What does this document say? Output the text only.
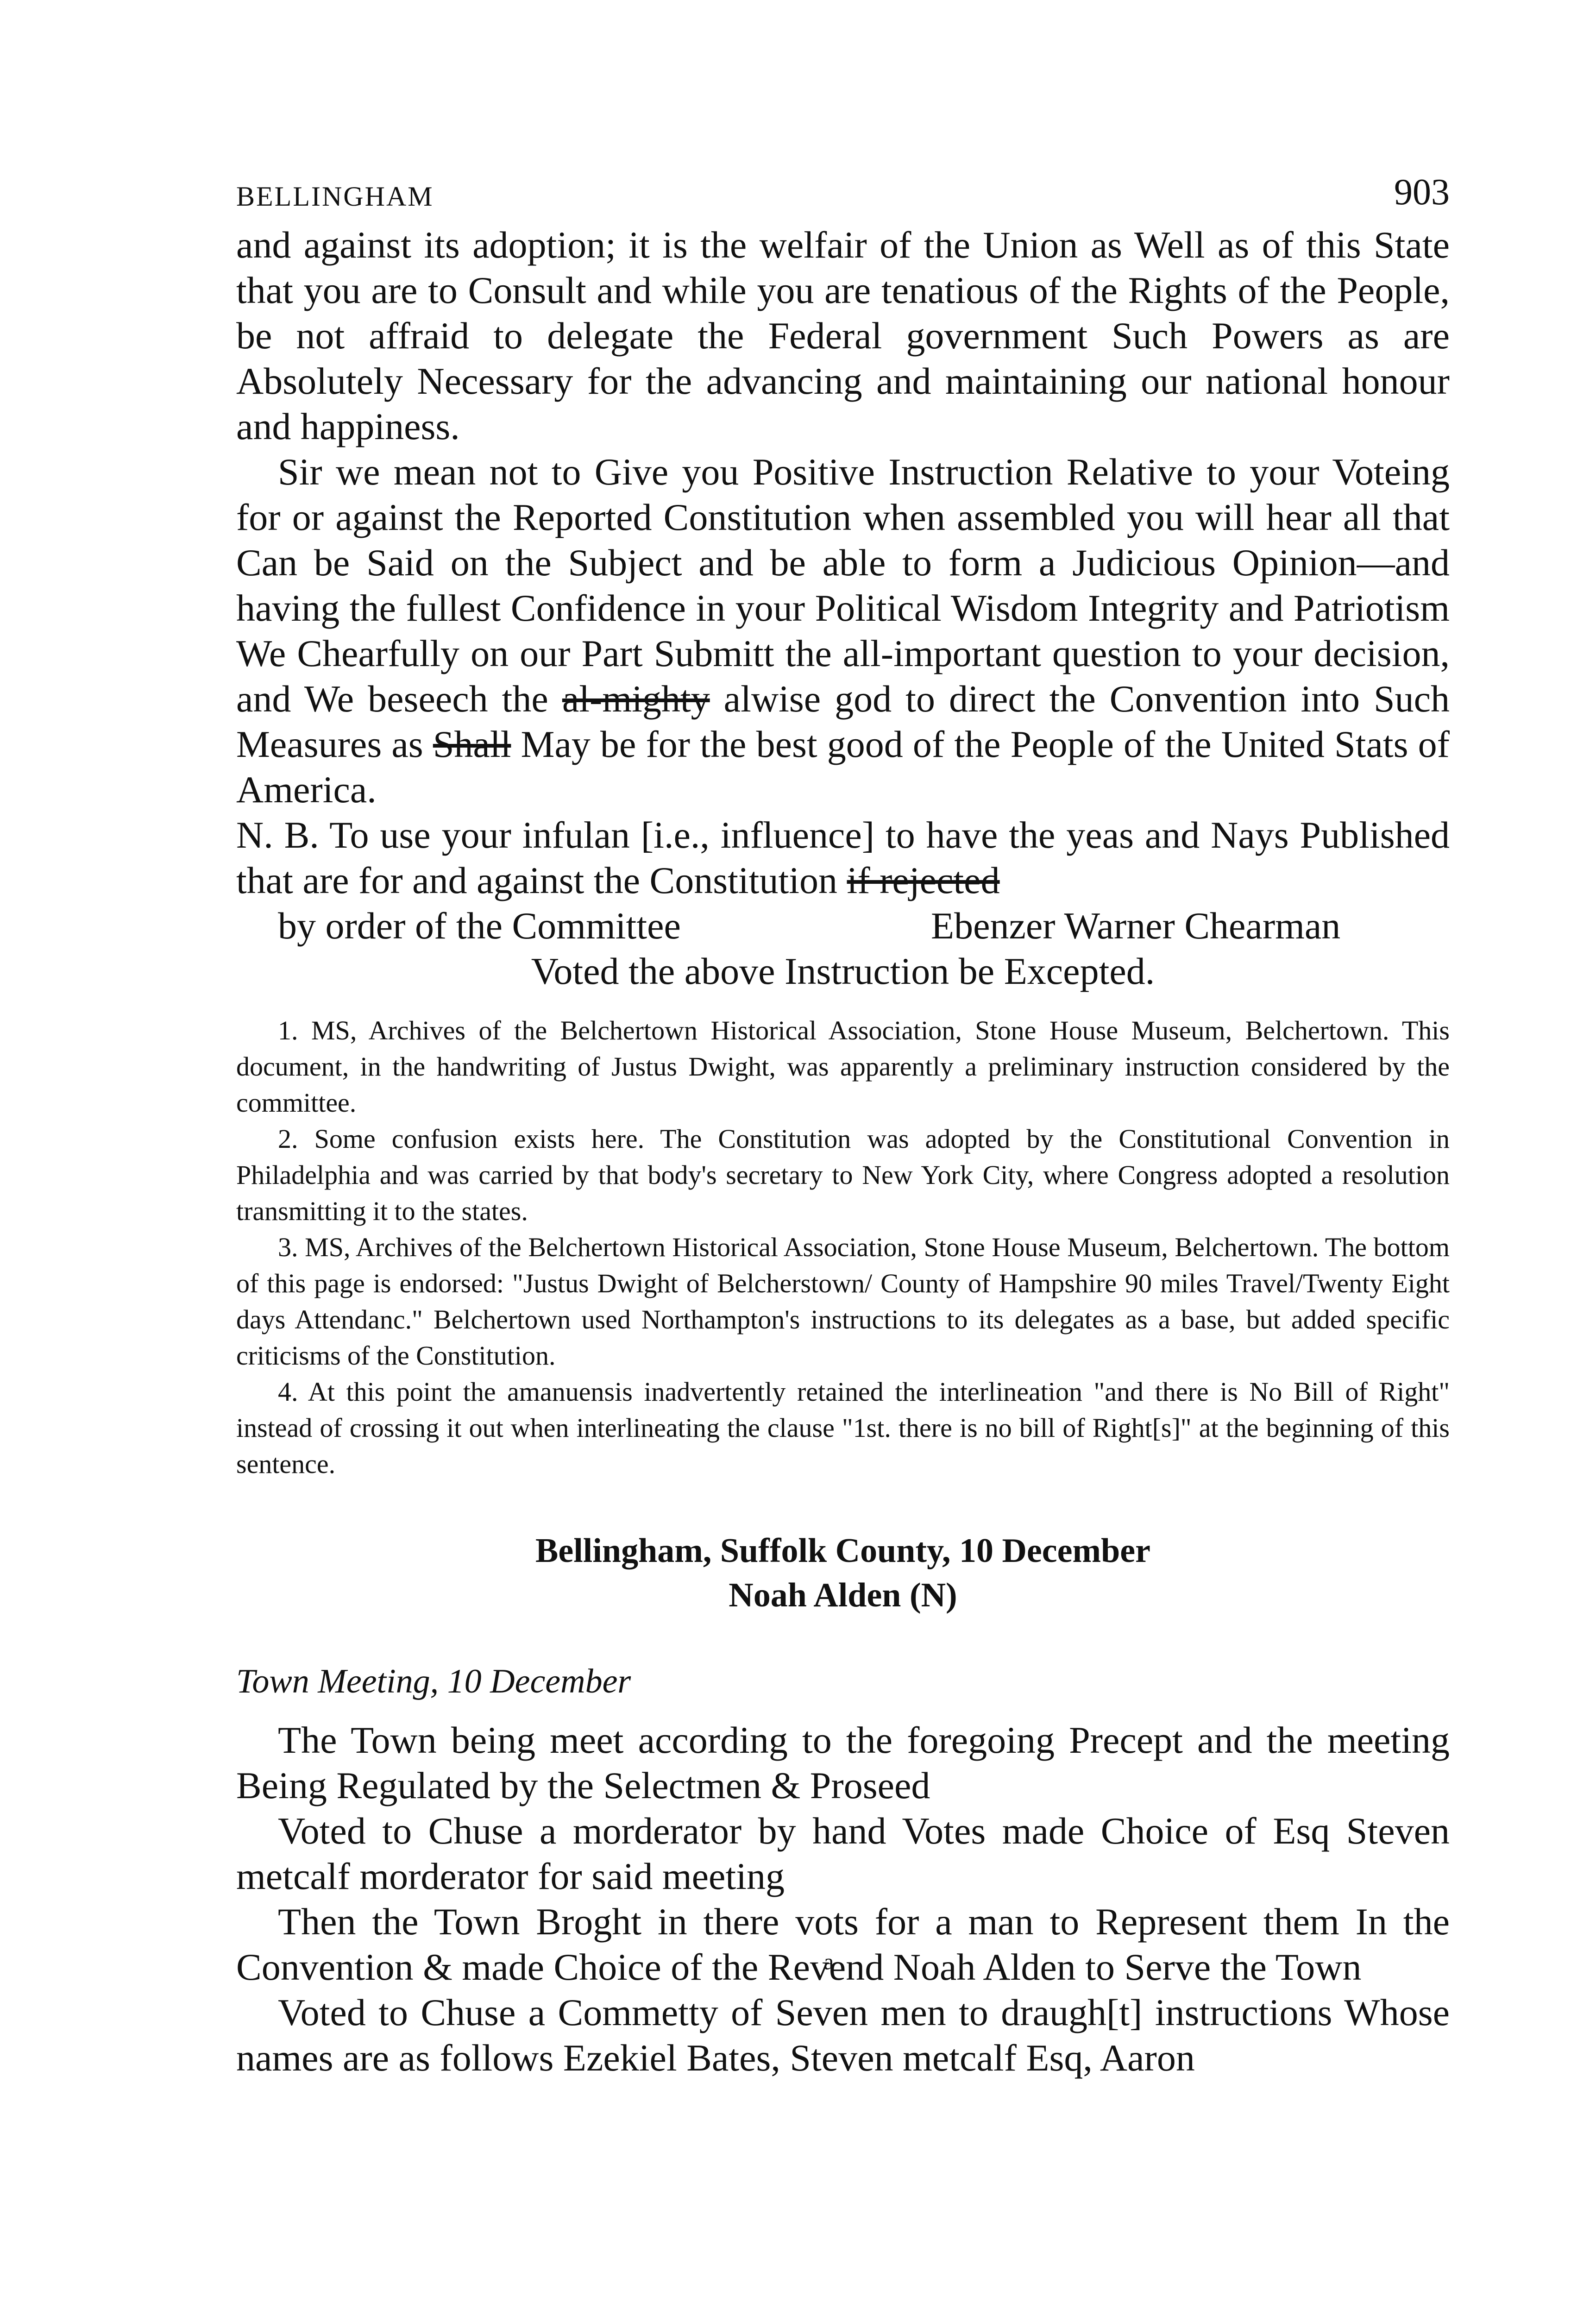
BELLINGHAM	903

and against its adoption; it is the welfair of the Union as Well as of this State that you are to Consult and while you are tenatious of the Rights of the People, be not affraid to delegate the Federal government Such Powers as are Absolutely Necessary for the advancing and maintaining our national honour and happiness.

Sir we mean not to Give you Positive Instruction Relative to your Voteing for or against the Reported Constitution when assembled you will hear all that Can be Said on the Subject and be able to form a Judicious Opinion—and having the fullest Confidence in your Political Wisdom Integrity and Patriotism We Chearfully on our Part Submitt the all-important question to your decision, and We beseech the al-mighty alwise god to direct the Convention into Such Measures as Shall May be for the best good of the People of the United Stats of America.

N. B. To use your infulan [i.e., influence] to have the yeas and Nays Published that are for and against the Constitution if rejected

by order of the Committee	Ebenzer Warner Chearman
Voted the above Instruction be Excepted.

1. MS, Archives of the Belchertown Historical Association, Stone House Museum, Belchertown. This document, in the handwriting of Justus Dwight, was apparently a preliminary instruction considered by the committee.

2. Some confusion exists here. The Constitution was adopted by the Constitutional Convention in Philadelphia and was carried by that body's secretary to New York City, where Congress adopted a resolution transmitting it to the states.

3. MS, Archives of the Belchertown Historical Association, Stone House Museum, Belchertown. The bottom of this page is endorsed: "Justus Dwight of Belcherstown/ County of Hampshire 90 miles Travel/Twenty Eight days Attendanc." Belchertown used Northampton's instructions to its delegates as a base, but added specific criticisms of the Constitution.

4. At this point the amanuensis inadvertently retained the interlineation "and there is No Bill of Right" instead of crossing it out when interlineating the clause "1st. there is no bill of Right[s]" at the beginning of this sentence.

Bellingham, Suffolk County, 10 December
Noah Alden (N)
Town Meeting, 10 December

The Town being meet according to the foregoing Precept and the meeting Being Regulated by the Selectmen & Proseed

Voted to Chuse a morderator by hand Votes made Choice of Esq Steven metcalf morderator for said meeting

Then the Town Broght in there vots for a man to Represent them In the Convention & made Choice of the Revͣend Noah Alden to Serve the Town

Voted to Chuse a Commetty of Seven men to draugh[t] instructions Whose names are as follows Ezekiel Bates, Steven metcalf Esq, Aaron
